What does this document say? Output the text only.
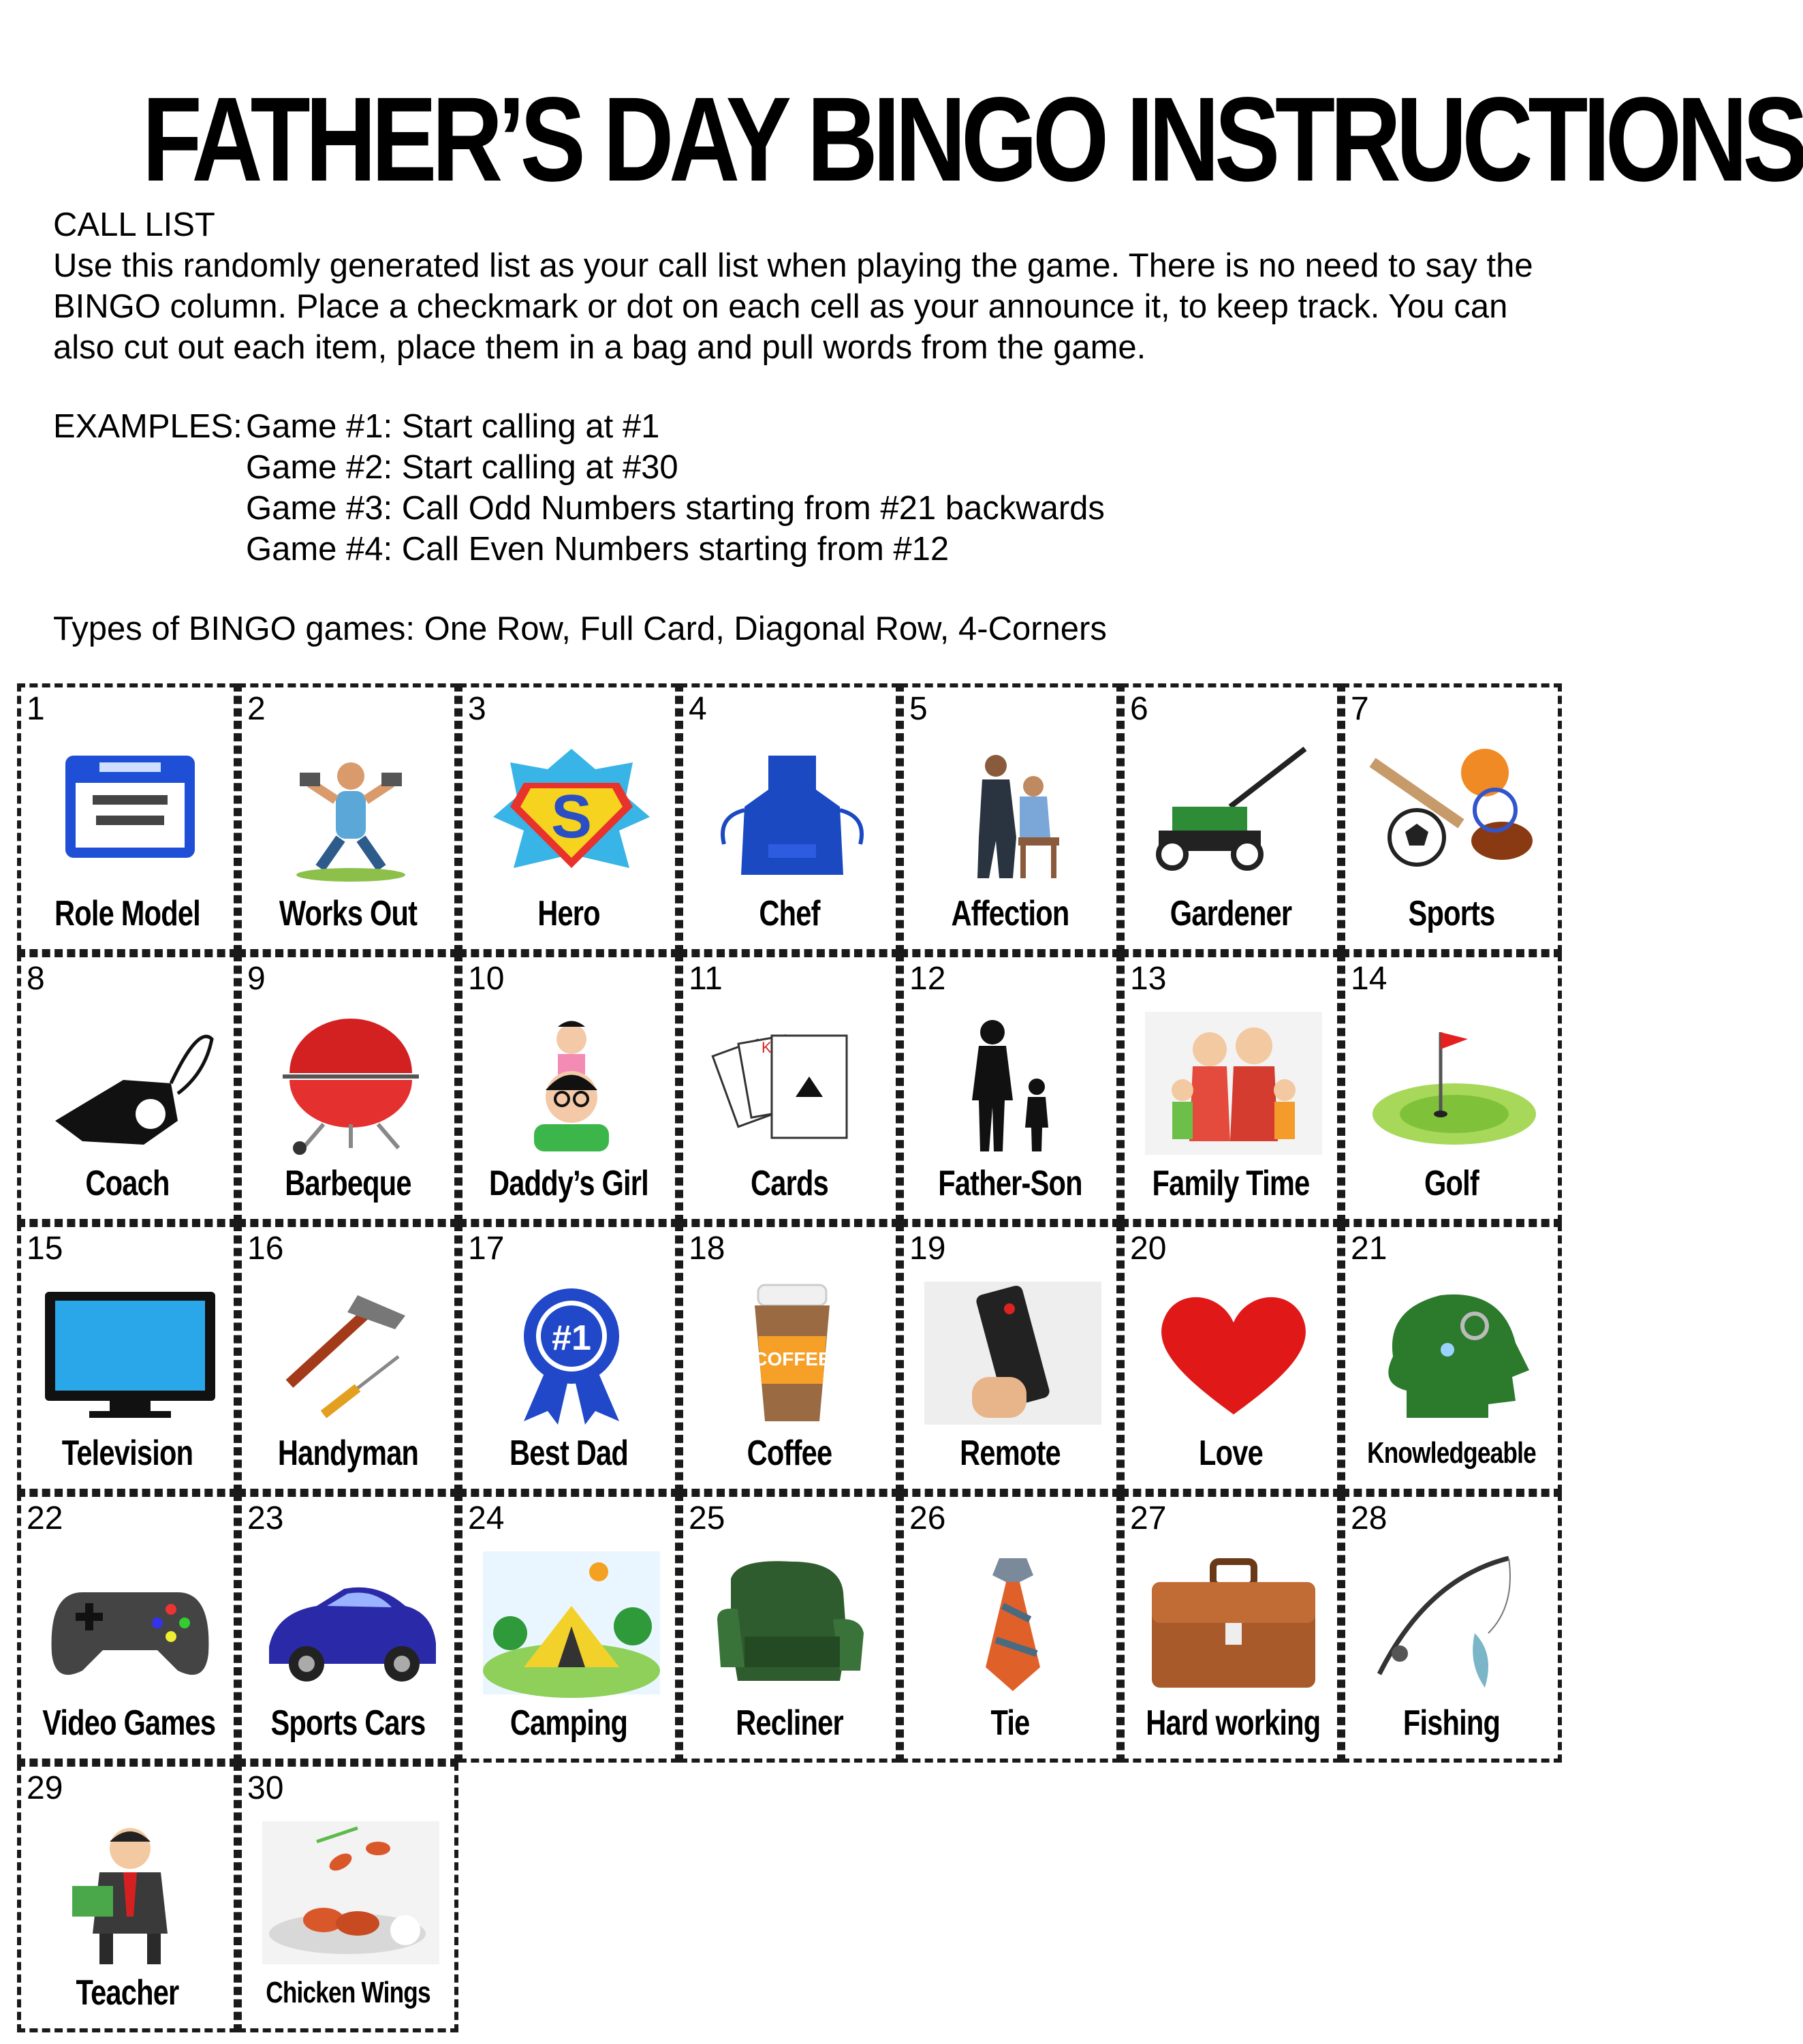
FATHER’S DAY BINGO INSTRUCTIONS

CALL LIST

Use this randomly generated list as your call list when playing the game. There is no need to say the BINGO column. Place a checkmark or dot on each cell as your announce it, to keep track. You can also cut out each item, place them in a bag and pull words from the game.

EXAMPLES: Game #1: Start calling at #1
Game #2: Start calling at #30
Game #3: Call Odd Numbers starting from #21 backwards
Game #4: Call Even Numbers starting from #12
Types of BINGO games: One Row, Full Card, Diagonal Row, 4-Corners
1
Role Model
2
Works Out
3
S
Hero
4
Chef
5
Affection
6
Gardener
7
Sports
8
Coach
9
Barbeque
10
Daddy’s Girl
11
K
Cards
12
Father-Son
13
Family Time
14
Golf
15
Television
16
Handyman
17
#1
Best Dad
18
COFFEE
Coffee
19
Remote
20
Love
21
Knowledgeable
22
Video Games
23
Sports Cars
24
Camping
25
Recliner
26
Tie
27
Hard working
28
Fishing
29
Teacher
30
Chicken Wings
